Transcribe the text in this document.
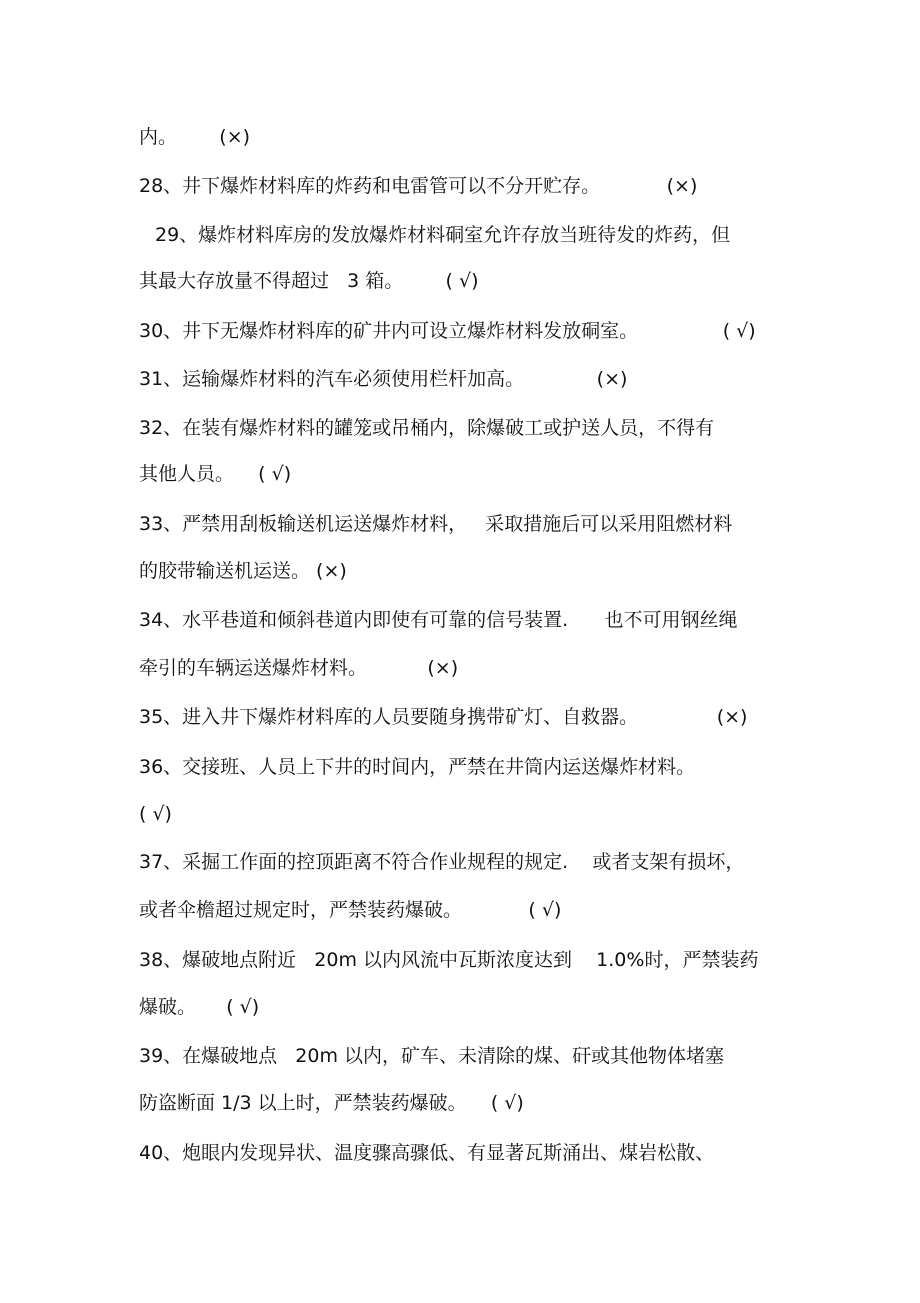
内。       (×)
28、井下爆炸材料库的炸药和电雷管可以不分开贮存。           (×)
29、爆炸材料库房的发放爆炸材料硐室允许存放当班待发的炸药，但
其最大存放量不得超过   3 箱。       ( √)
30、井下无爆炸材料库的矿井内可设立爆炸材料发放硐室。              ( √)
31、运输爆炸材料的汽车必须使用栏杆加高。            (×)
32、在装有爆炸材料的罐笼或吊桶内，除爆破工或护送人员，不得有
其他人员。    ( √)
33、严禁用刮板输送机运送爆炸材料，   采取措施后可以采用阻燃材料
的胶带输送机运送。 (×)
34、水平巷道和倾斜巷道内即使有可靠的信号装置.      也不可用钢丝绳
牵引的车辆运送爆炸材料。          (×)
35、进入井下爆炸材料库的人员要随身携带矿灯、自救器。             (×)
36、交接班、人员上下井的时间内，严禁在井筒内运送爆炸材料。
( √)
37、采掘工作面的控顶距离不符合作业规程的规定.    或者支架有损坏，
或者伞檐超过规定时，严禁装药爆破。           ( √)
38、爆破地点附近   20m 以内风流中瓦斯浓度达到    1.0%时，严禁装药
爆破。     ( √)
39、在爆破地点   20m 以内，矿车、未清除的煤、矸或其他物体堵塞
防盗断面 1/3 以上时，严禁装药爆破。    ( √)
40、炮眼内发现异状、温度骤高骤低、有显著瓦斯涌出、煤岩松散、
